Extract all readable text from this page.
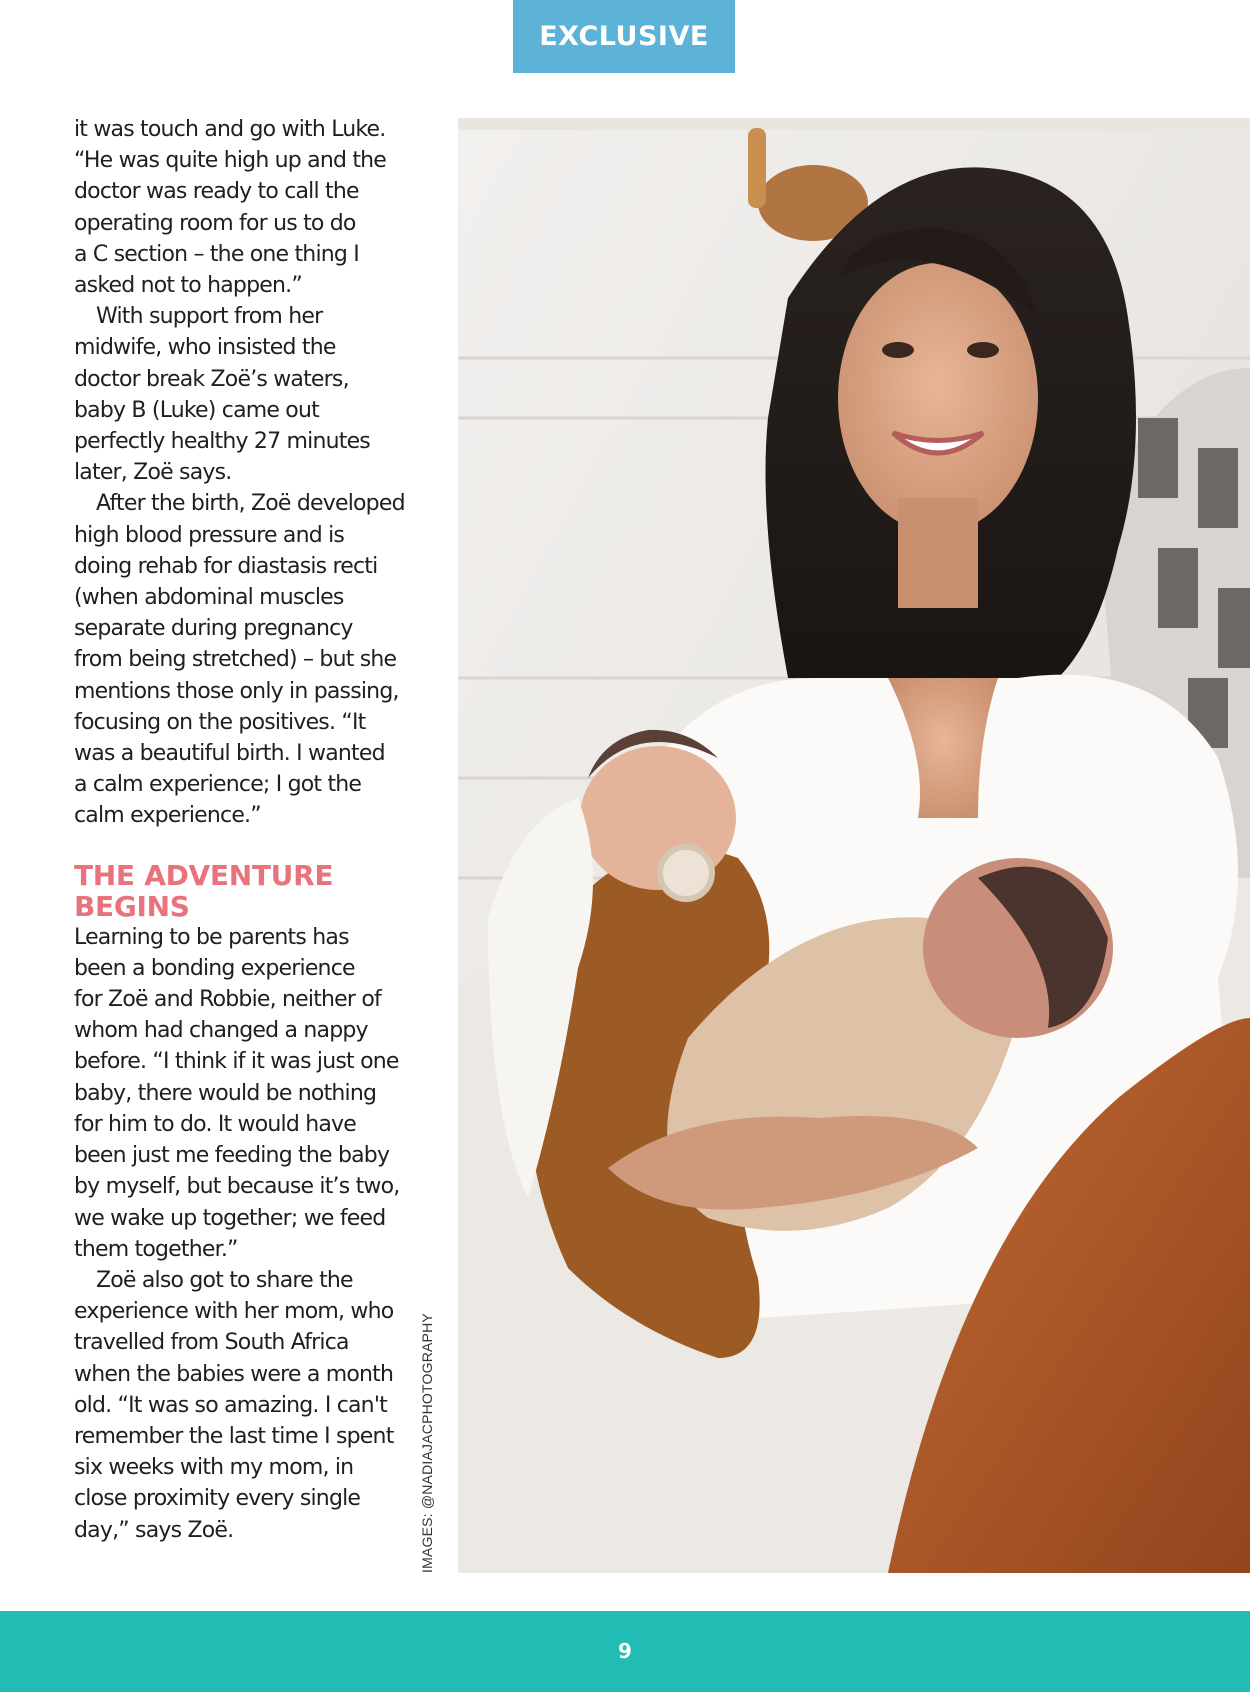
EXCLUSIVE

it was touch and go with Luke.
“He was quite high up and the
doctor was ready to call the
operating room for us to do
a C section – the one thing I
asked not to happen.”

With support from her
midwife, who insisted the
doctor break Zoë’s waters,
baby B (Luke) came out
perfectly healthy 27 minutes
later, Zoë says.

After the birth, Zoë developed
high blood pressure and is
doing rehab for diastasis recti
(when abdominal muscles
separate during pregnancy
from being stretched) – but she
mentions those only in passing,
focusing on the positives. “It
was a beautiful birth. I wanted
a calm experience; I got the
calm experience.”

THE ADVENTURE
BEGINS

Learning to be parents has
been a bonding experience
for Zoë and Robbie, neither of
whom had changed a nappy
before. “I think if it was just one
baby, there would be nothing
for him to do. It would have
been just me feeding the baby
by myself, but because it’s two,
we wake up together; we feed
them together.”

Zoë also got to share the
experience with her mom, who
travelled from South Africa
when the babies were a month
old. “It was so amazing. I can't
remember the last time I spent
six weeks with my mom, in
close proximity every single
day,” says Zoë.	IMAGES: @NADIAJACPHOTOGRAPHY
9
